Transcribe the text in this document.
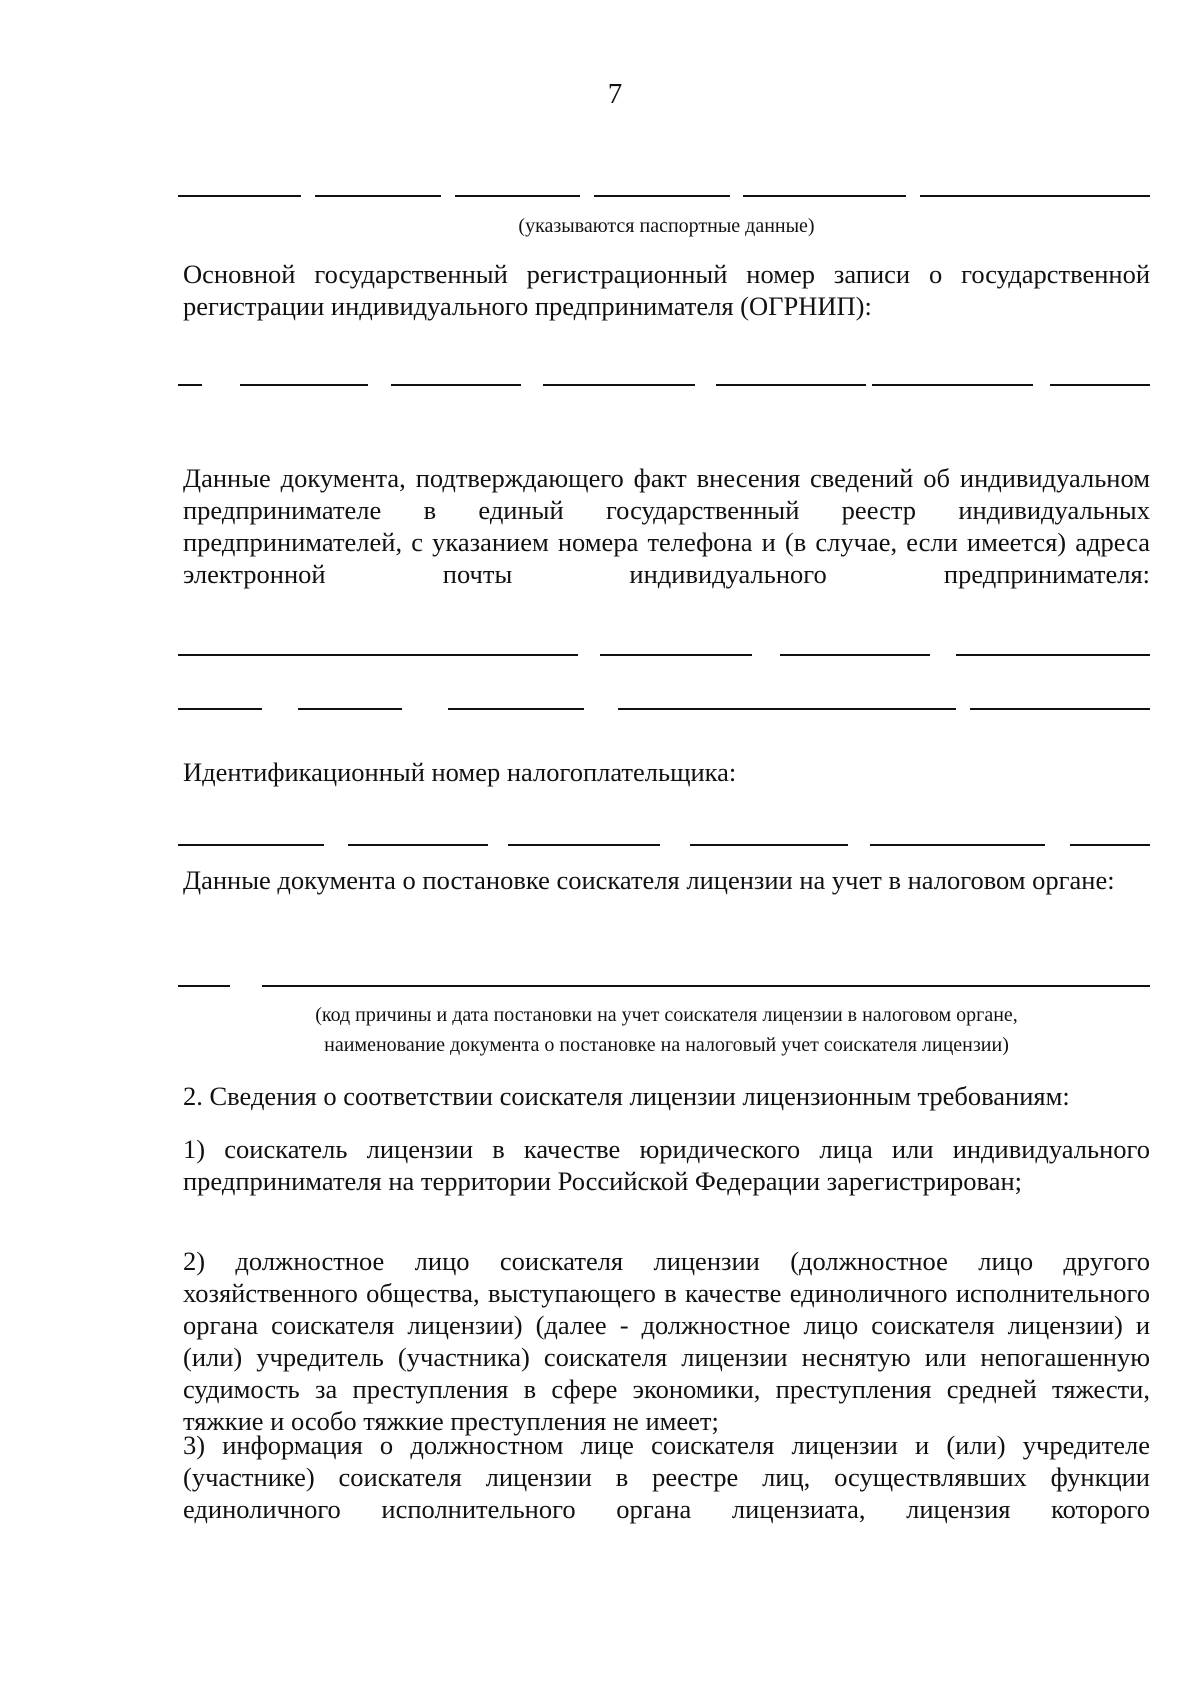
7
(указываются паспортные данные)
Основной государственный регистрационный номер записи о государственной регистрации индивидуального предпринимателя (ОГРНИП):
Данные документа, подтверждающего факт внесения сведений об индивидуальном предпринимателе в единый государственный реестр индивидуальных предпринимателей, с указанием номера телефона и (в случае, если имеется) адреса электронной почты индивидуального предпринимателя:
Идентификационный номер налогоплательщика:
Данные документа о постановке соискателя лицензии на учет в налоговом органе:
(код причины и дата постановки на учет соискателя лицензии в налоговом органе,
наименование документа о постановке на налоговый учет соискателя лицензии)
2. Сведения о соответствии соискателя лицензии лицензионным требованиям:
1) соискатель лицензии в качестве юридического лица или индивидуального предпринимателя на территории Российской Федерации зарегистрирован;
2) должностное лицо соискателя лицензии (должностное лицо другого хозяйственного общества, выступающего в качестве единоличного исполнительного органа соискателя лицензии) (далее - должностное лицо соискателя лицензии) и (или) учредитель (участника) соискателя лицензии неснятую или непогашенную судимость за преступления в сфере экономики, преступления средней тяжести, тяжкие и особо тяжкие преступления не имеет;
3) информация о должностном лице соискателя лицензии и (или) учредителе (участнике) соискателя лицензии в реестре лиц, осуществлявших функции единоличного исполнительного органа лицензиата, лицензия которого
